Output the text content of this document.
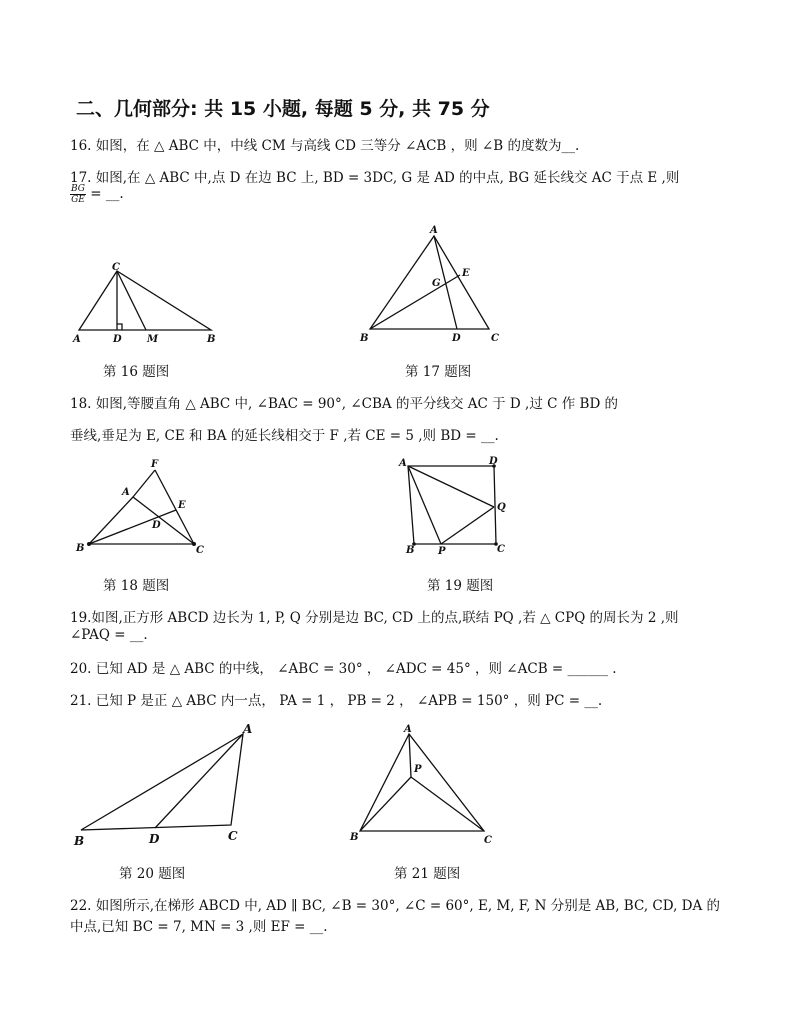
二、几何部分: 共 15 小题, 每题 5 分, 共 75 分
16. 如图，在 △ ABC 中，中线 CM 与高线 CD 三等分 ∠ACB ，则 ∠B 的度数为__.
17. 如图,在 △ ABC 中,点 D 在边 BC 上, BD = 3DC, G 是 AD 的中点, BG 延长线交 AC 于点 E ,则
$\frac{BG}{GE}$ = __.
C
A	D	M	B
第 16 题图
A
G
E
B	D	C
第 17 题图
18. 如图,等腰直角 △ ABC 中, ∠BAC = 90°, ∠CBA 的平分线交 AC 于 D ,过 C 作 BD 的
垂线,垂足为 E, CE 和 BA 的延长线相交于 F ,若 CE = 5 ,则 BD = __.
F
A
E
D
B	C
第 18 题图
A	D
Q
B P	C
第 19 题图
19.如图,正方形 ABCD 边长为 1, P, Q 分别是边 BC, CD 上的点,联结 PQ ,若 △ CPQ 的周长为 2 ,则
∠PAQ = __.
20. 已知 AD 是 △ ABC 的中线， ∠ABC = 30° ， ∠ADC = 45° ，则 ∠ACB = ______ .
21. 已知 P 是正 △ ABC 内一点， PA = 1 ， PB = 2 ， ∠APB = 150° ，则 PC = __.
A
B	D	C
第 20 题图
A
P
B	C
第 21 题图
22. 如图所示,在梯形 ABCD 中, AD ∥ BC, ∠B = 30°, ∠C = 60°, E, M, F, N 分别是 AB, BC, CD, DA 的
中点,已知 BC = 7, MN = 3 ,则 EF = __.
